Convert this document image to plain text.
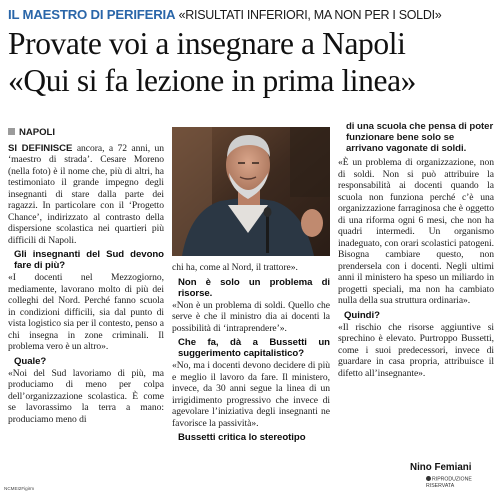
IL MAESTRO DI PERIFERIA «RISULTATI INFERIORI, MA NON PER I SOLDI»
Provate voi a insegnare a Napoli
«Qui si fa lezione in prima linea»

NAPOLI

SI DEFINISCE ancora, a 72 anni, un ‘maestro di strada’. Cesare Moreno (nella foto) è il nome che, più di altri, ha testimoniato il grande impegno degli insegnanti di stare dalla parte dei ragazzi. In particolare con il ‘Progetto Chance’, indirizzato al contrasto della dispersione scolastica nei quartieri più difficili di Napoli.

Gli insegnanti del Sud devono fare di più?

«I docenti nel Mezzogiorno, mediamente, lavorano molto di più dei colleghi del Nord. Perché fanno scuola in condizioni difficili, sia dal punto di vista logistico sia per il contesto, penso a chi insegna in zone criminali. Il problema vero è un altro».

Quale?

«Noi del Sud lavoriamo di più, ma produciamo di meno per colpa dell’organizzazione scolastica. È come se lavorassimo la terra a mano: produciamo meno di

chi ha, come al Nord, il trattore».

Non è solo un problema di risorse.

«Non è un problema di soldi. Quello che serve è che il ministro dia ai docenti la possibilità di ‘intraprendere’».

Che fa, dà a Bussetti un suggerimento capitalistico?

«No, ma i docenti devono decidere di più e meglio il lavoro da fare. Il ministero, invece, da 30 anni segue la linea di un irrigidimento progressivo che invece di agevolare l’iniziativa degli insegnanti ne favorisce la passività».

Bussetti critica lo stereotipo

di una scuola che pensa di poter funzionare bene solo se arrivano vagonate di soldi.

«È un problema di organizzazione, non di soldi. Non si può attribuire la responsabilità ai docenti quando la scuola non funziona perché c’è una organizzazione farraginosa che è oggetto di una riforma ogni 6 mesi, che non ha quadri intermedi. Un organismo inadeguato, con orari scolastici patogeni. Bisogna cambiare questo, non prendersela con i docenti. Negli ultimi anni il ministero ha speso un miliardo in progetti speciali, ma non ha cambiato nulla della sua struttura ordinaria».

Quindi?

«Il rischio che risorse aggiuntive si sprechino è elevato. Purtroppo Bussetti, come i suoi predecessori, invece di guardare in casa propria, attribuisce il difetto all’insegnante».

Nino Femiani
RIPRODUZIONE RISERVATA
NCMEI2Figirm
